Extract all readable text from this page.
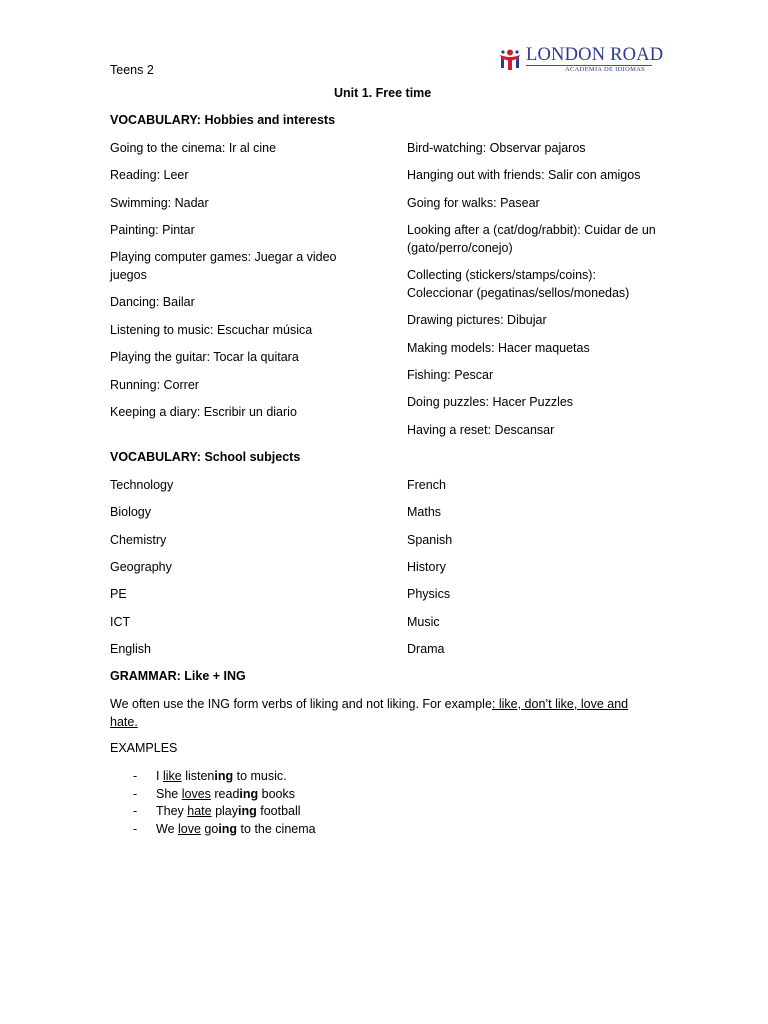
LONDON ROAD
ACADEMIA DE IDIOMAS
Teens 2
Unit 1. Free time
VOCABULARY: Hobbies and interests
Going to the cinema: Ir al cine
Reading: Leer
Swimming: Nadar
Painting: Pintar
Playing computer games: Juegar a video juegos
Dancing: Bailar
Listening to music: Escuchar música
Playing the guitar: Tocar la quitara
Running: Correr
Keeping a diary: Escribir un diario
Bird-watching: Observar pajaros
Hanging out with friends: Salir con amigos
Going for walks: Pasear
Looking after a (cat/dog/rabbit): Cuidar de un (gato/perro/conejo)
Collecting (stickers/stamps/coins): Coleccionar (pegatinas/sellos/monedas)
Drawing pictures: Dibujar
Making models: Hacer maquetas
Fishing: Pescar
Doing puzzles: Hacer Puzzles
Having a reset: Descansar
VOCABULARY: School subjects
Technology
Biology
Chemistry
Geography
PE
ICT
English
French
Maths
Spanish
History
Physics
Music
Drama
GRAMMAR: Like + ING
We often use the ING form verbs of liking and not liking. For example: like, don’t like, love and hate.
EXAMPLES
- I like listening to music.
- She loves reading books
- They hate playing football
- We love going to the cinema
